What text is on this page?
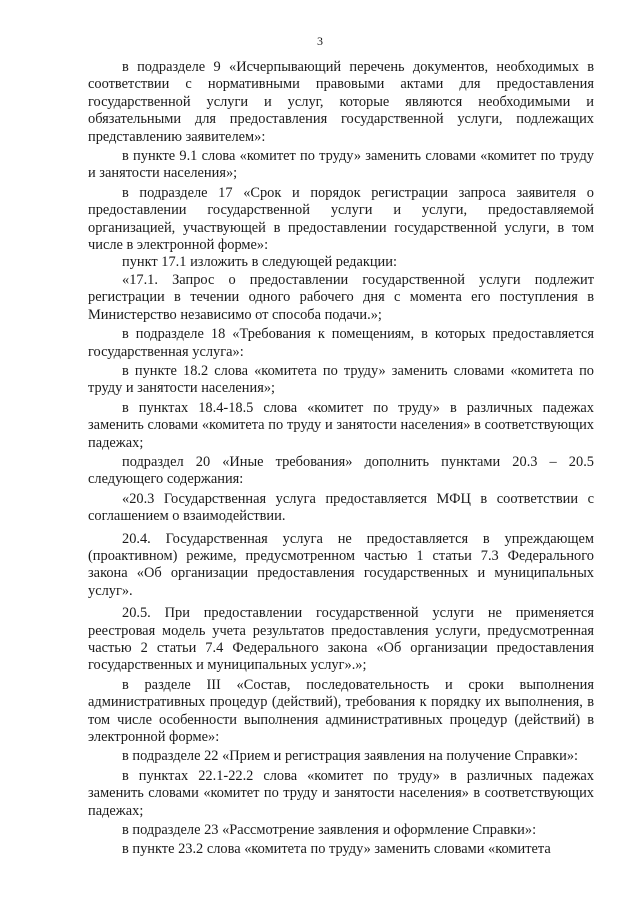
3

в подразделе 9 «Исчерпывающий перечень документов, необходимых в соответствии с нормативными правовыми актами для предоставления государственной услуги и услуг, которые являются необходимыми и обязательными для предоставления государственной услуги, подлежащих представлению заявителем»:

в пункте 9.1 слова «комитет по труду» заменить словами «комитет по труду и занятости населения»;

в подразделе 17 «Срок и порядок регистрации запроса заявителя о предоставлении государственной услуги и услуги, предоставляемой организацией, участвующей в предоставлении государственной услуги, в том числе в электронной форме»:

пункт 17.1 изложить в следующей редакции:

«17.1. Запрос о предоставлении государственной услуги подлежит регистрации в течении одного рабочего дня с момента его поступления в Министерство независимо от способа подачи.»;

в подразделе 18 «Требования к помещениям, в которых предоставляется государственная услуга»:

в пункте 18.2 слова «комитета по труду» заменить словами «комитета по труду и занятости населения»;

в пунктах 18.4-18.5 слова «комитет по труду» в различных падежах заменить словами «комитета по труду и занятости населения» в соответствующих падежах;

подраздел 20 «Иные требования» дополнить пунктами 20.3 – 20.5 следующего содержания:

«20.3 Государственная услуга предоставляется МФЦ в соответствии с соглашением о взаимодействии.

20.4. Государственная услуга не предоставляется в упреждающем (проактивном) режиме, предусмотренном частью 1 статьи 7.3 Федерального закона «Об организации предоставления государственных и муниципальных услуг».

20.5. При предоставлении государственной услуги не применяется реестровая модель учета результатов предоставления услуги, предусмотренная частью 2 статьи 7.4 Федерального закона «Об организации предоставления государственных и муниципальных услуг».»;

в разделе III «Состав, последовательность и сроки выполнения административных процедур (действий), требования к порядку их выполнения, в том числе особенности выполнения административных процедур (действий) в электронной форме»:

в подразделе 22 «Прием и регистрация заявления на получение Справки»:

в пунктах 22.1-22.2 слова «комитет по труду» в различных падежах заменить словами «комитет по труду и занятости населения» в соответствующих падежах;

в подразделе 23 «Рассмотрение заявления и оформление Справки»:

в пункте 23.2 слова «комитета по труду» заменить словами «комитета
